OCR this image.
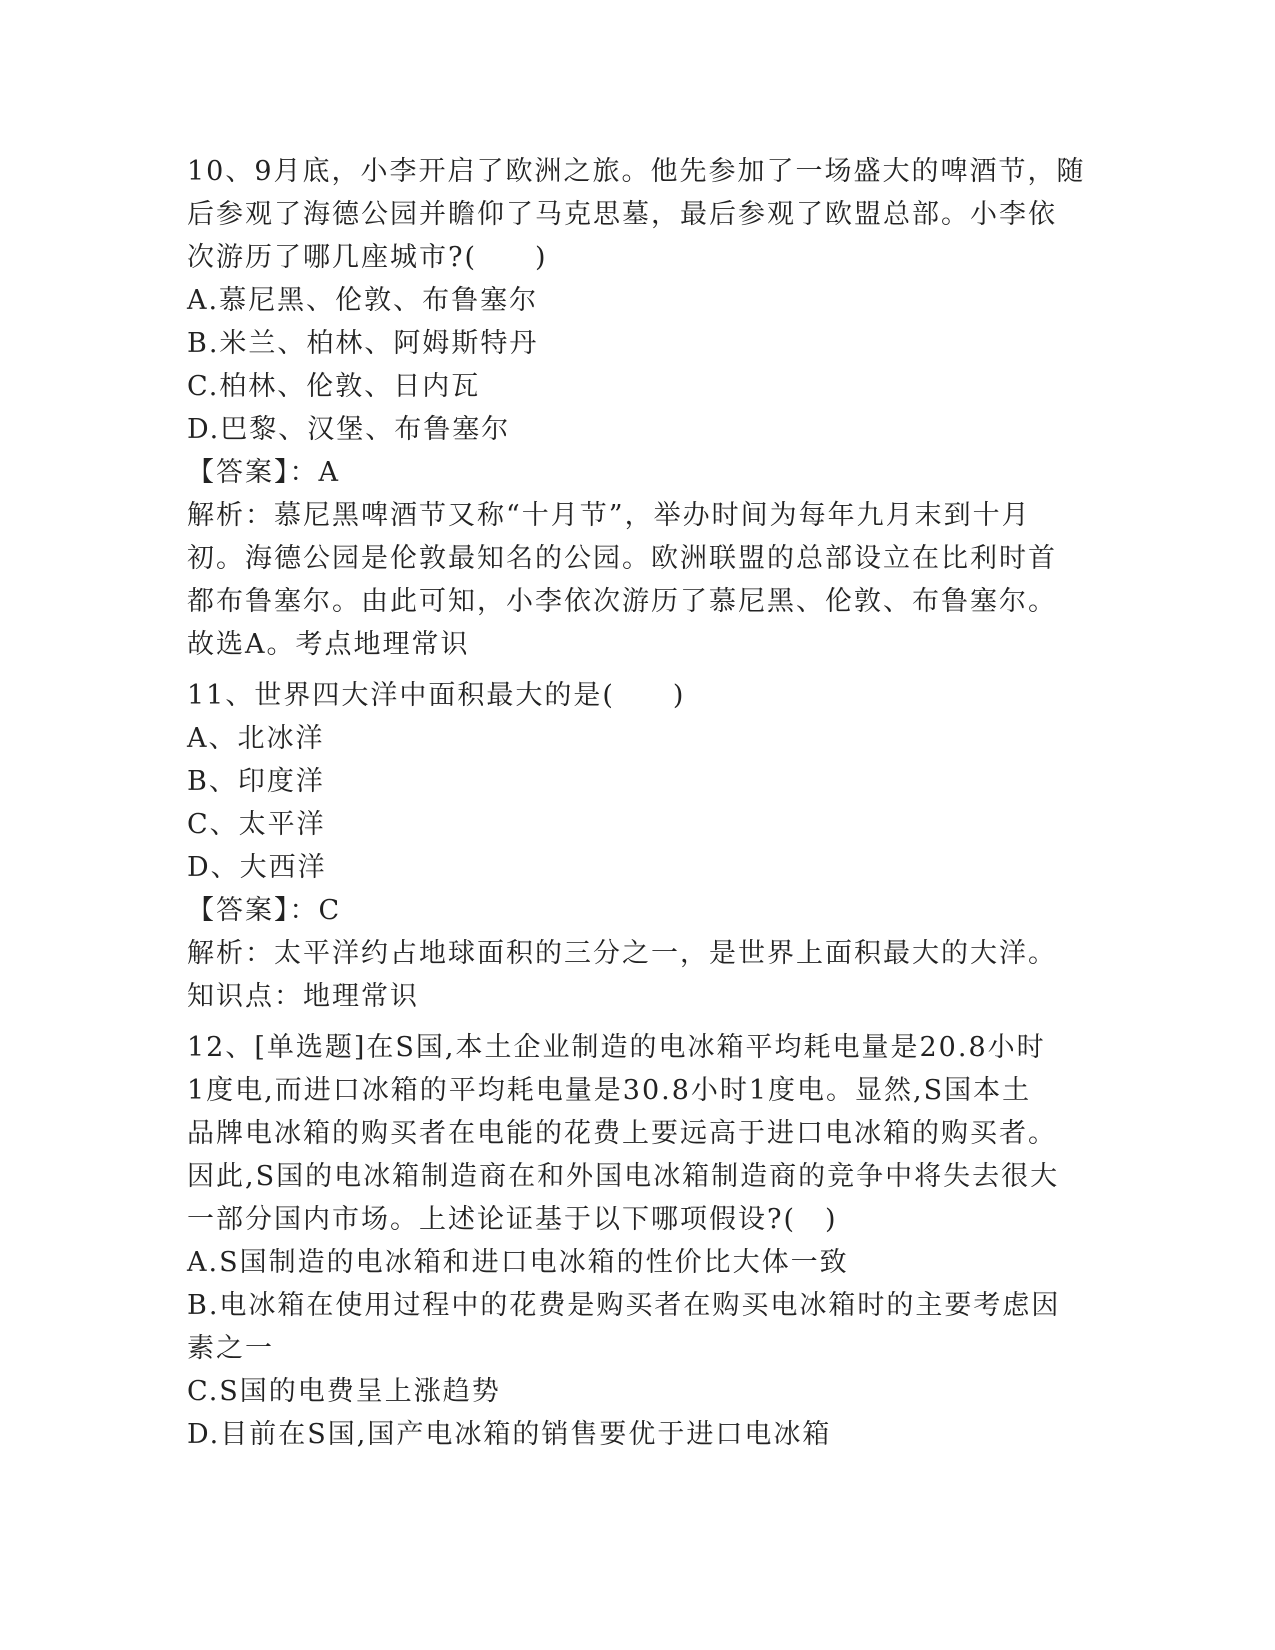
10、9月底，小李开启了欧洲之旅。他先参加了一场盛大的啤酒节，随

后参观了海德公园并瞻仰了马克思墓，最后参观了欧盟总部。小李依

次游历了哪几座城市?(　　)

A.慕尼黑、伦敦、布鲁塞尔

B.米兰、柏林、阿姆斯特丹

C.柏林、伦敦、日内瓦

D.巴黎、汉堡、布鲁塞尔

【答案】：A

解析：慕尼黑啤酒节又称“十月节”，举办时间为每年九月末到十月

初。海德公园是伦敦最知名的公园。欧洲联盟的总部设立在比利时首

都布鲁塞尔。由此可知，小李依次游历了慕尼黑、伦敦、布鲁塞尔。

故选A。考点地理常识

11、世界四大洋中面积最大的是(　　)

A、北冰洋

B、印度洋

C、太平洋

D、大西洋

【答案】：C

解析：太平洋约占地球面积的三分之一，是世界上面积最大的大洋。

知识点：地理常识

12、[单选题]在S国,本土企业制造的电冰箱平均耗电量是20.8小时

1度电,而进口冰箱的平均耗电量是30.8小时1度电。显然,S国本土

品牌电冰箱的购买者在电能的花费上要远高于进口电冰箱的购买者。

因此,S国的电冰箱制造商在和外国电冰箱制造商的竞争中将失去很大

一部分国内市场。上述论证基于以下哪项假设?(　)

A.S国制造的电冰箱和进口电冰箱的性价比大体一致

B.电冰箱在使用过程中的花费是购买者在购买电冰箱时的主要考虑因

素之一

C.S国的电费呈上涨趋势

D.目前在S国,国产电冰箱的销售要优于进口电冰箱
